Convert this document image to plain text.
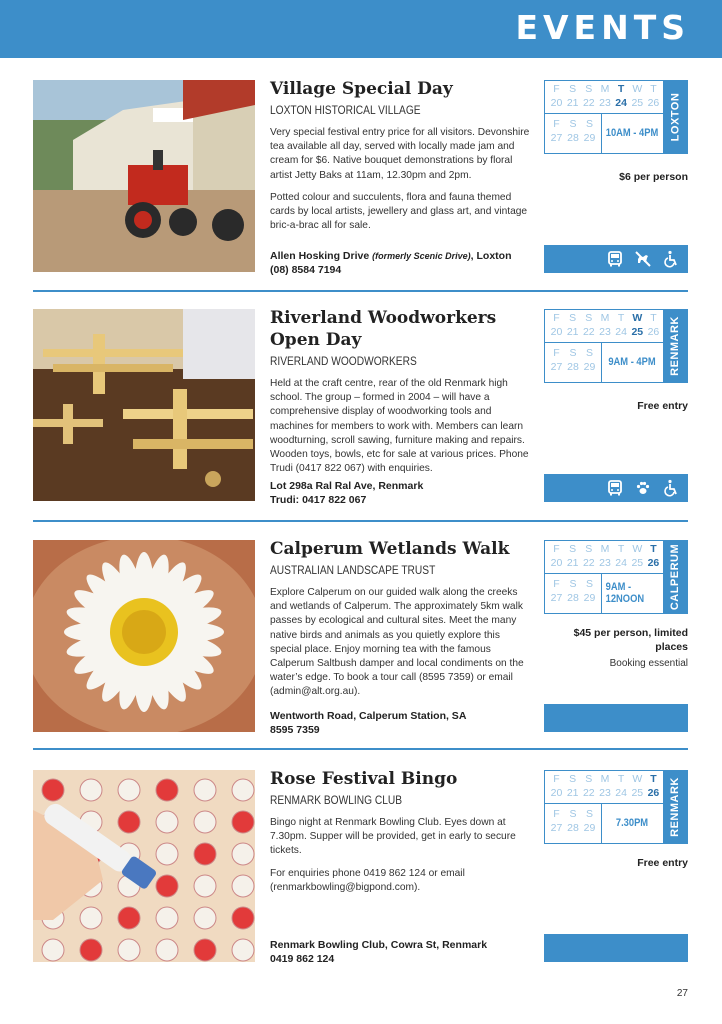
EVENTS
Village Special Day
LOXTON HISTORICAL VILLAGE

Very special festival entry price for all visitors. Devonshire tea available all day, served with locally made jam and cream for $6. Native bouquet demonstrations by floral artist Jetty Baks at 11am, 12.30pm and 2pm.

Potted colour and succulents, flora and fauna themed cards by local artists, jewellery and glass art, and vintage bric-a-brac all for sale.

Allen Hosking Drive (formerly Scenic Drive), Loxton
(08) 8584 7194
F S S M T W T
20 21 22 23 24 25 26
F S S
27 28 29 10AM - 4PM LOXTON
$6 per person
Riverland Woodworkers
Open Day
RIVERLAND WOODWORKERS

Held at the craft centre, rear of the old Renmark high school. The group – formed in 2004 – will have a comprehensive display of woodworking tools and machines for members to work with. Members can learn woodturning, scroll sawing, furniture making and repairs. Wooden toys, bowls, etc for sale at various prices. Phone Trudi (0417 822 067) with enquiries.

Lot 298a Ral Ral Ave, Renmark
Trudi: 0417 822 067
F S S M T W T
20 21 22 23 24 25 26
F S S
27 28 29 9AM - 4PM RENMARK
Free entry
Calperum Wetlands Walk
AUSTRALIAN LANDSCAPE TRUST

Explore Calperum on our guided walk along the creeks and wetlands of Calperum. The approximately 5km walk passes by ecological and cultural sites. Meet the many native birds and animals as you quietly explore this special place. Enjoy morning tea with the famous Calperum Saltbush damper and local condiments on the water’s edge. To book a tour call (8595 7359) or email (admin@alt.org.au).

Wentworth Road, Calperum Station, SA
8595 7359
F S S M T W T
20 21 22 23 24 25 26
F S S
27 28 29
9AM - 12NOON	CALPERUM
$45 per person, limited places
Booking essential
Rose Festival Bingo
RENMARK BOWLING CLUB

Bingo night at Renmark Bowling Club. Eyes down at 7.30pm. Supper will be provided, get in early to secure tickets.

For enquiries phone 0419 862 124 or email (renmarkbowling@bigpond.com).

Renmark Bowling Club, Cowra St, Renmark
0419 862 124
F S S M T W T
20 21 22 23 24 25 26
F S S
27 28 29	7.30PM	RENMARK
Free entry
27
